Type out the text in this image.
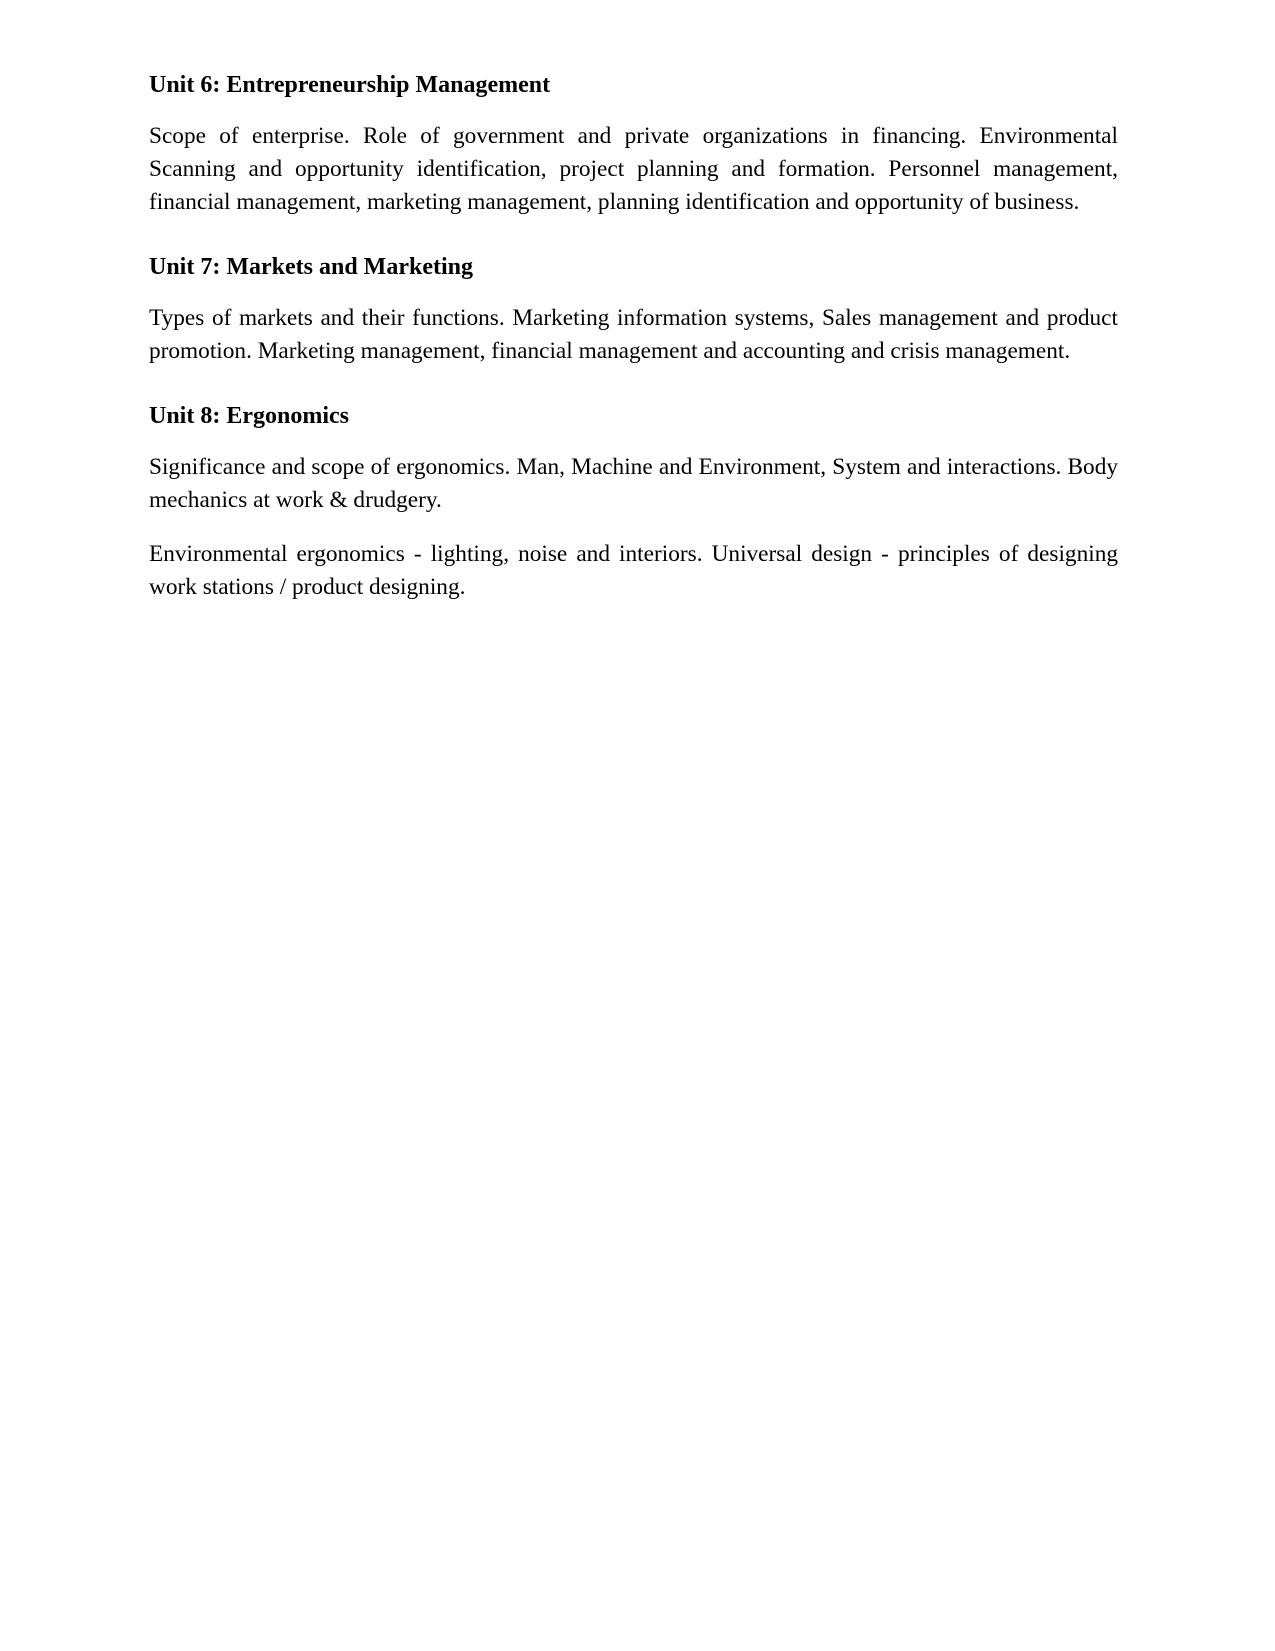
Unit 6: Entrepreneurship Management

Scope of enterprise. Role of government and private organizations in financing. Environmental Scanning and opportunity identification, project planning and formation. Personnel management, financial management, marketing management, planning identification and opportunity of business.

Unit 7: Markets and Marketing

Types of markets and their functions. Marketing information systems, Sales management and product promotion. Marketing management, financial management and accounting and crisis management.

Unit 8: Ergonomics

Significance and scope of ergonomics. Man, Machine and Environment, System and interactions. Body mechanics at work & drudgery.

Environmental ergonomics - lighting, noise and interiors. Universal design - principles of designing work stations / product designing.
